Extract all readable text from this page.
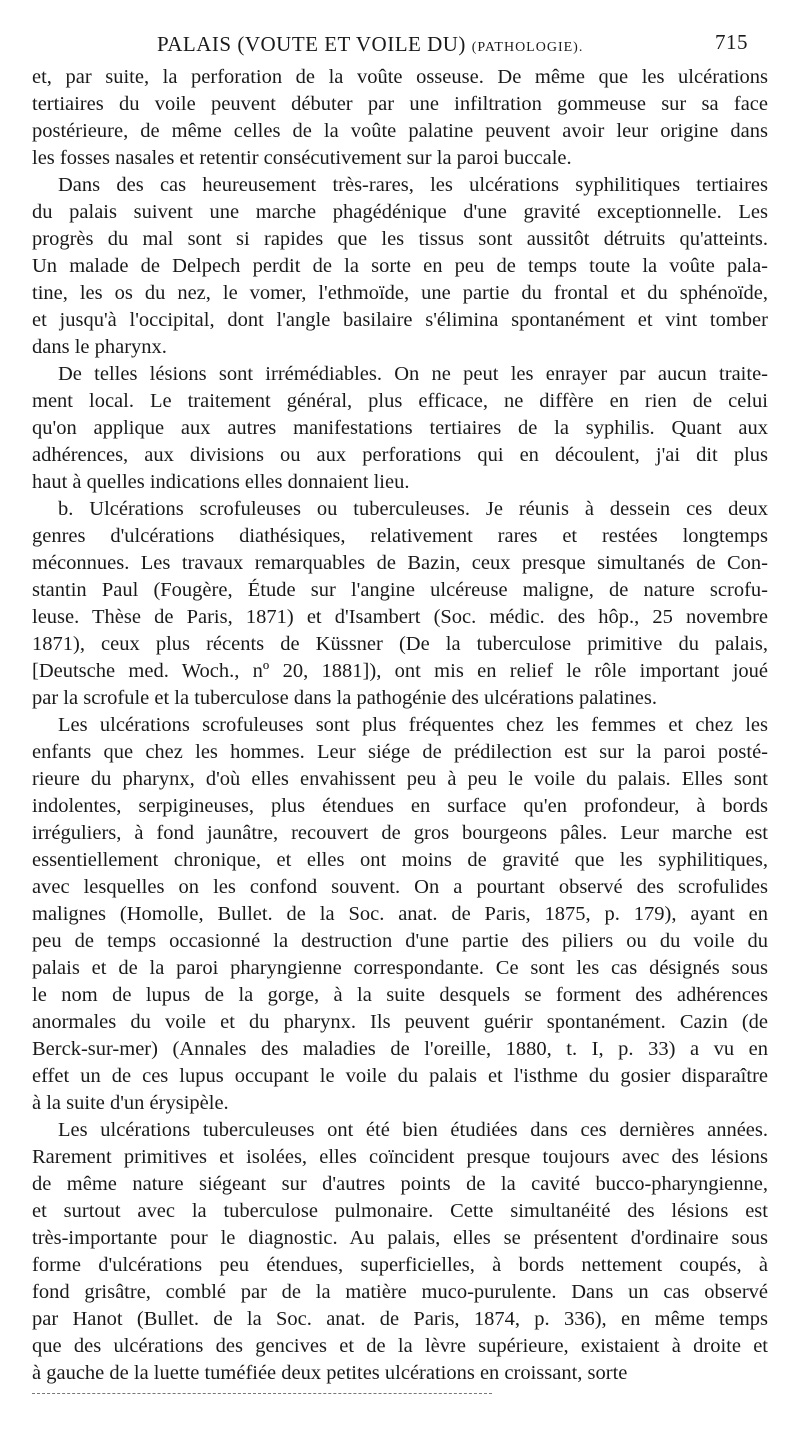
PALAIS (VOUTE ET VOILE DU) (PATHOLOGIE).	715
et, par suite, la perforation de la voûte osseuse. De même que les ulcérations
tertiaires du voile peuvent débuter par une infiltration gommeuse sur sa face
postérieure, de même celles de la voûte palatine peuvent avoir leur origine dans
les fosses nasales et retentir consécutivement sur la paroi buccale.
Dans des cas heureusement très-rares, les ulcérations syphilitiques tertiaires
du palais suivent une marche phagédénique d'une gravité exceptionnelle. Les
progrès du mal sont si rapides que les tissus sont aussitôt détruits qu'atteints.
Un malade de Delpech perdit de la sorte en peu de temps toute la voûte pala-
tine, les os du nez, le vomer, l'ethmoïde, une partie du frontal et du sphénoïde,
et jusqu'à l'occipital, dont l'angle basilaire s'élimina spontanément et vint tomber
dans le pharynx.
De telles lésions sont irrémédiables. On ne peut les enrayer par aucun traite-
ment local. Le traitement général, plus efficace, ne diffère en rien de celui
qu'on applique aux autres manifestations tertiaires de la syphilis. Quant aux
adhérences, aux divisions ou aux perforations qui en découlent, j'ai dit plus
haut à quelles indications elles donnaient lieu.
b. Ulcérations scrofuleuses ou tuberculeuses. Je réunis à dessein ces deux
genres d'ulcérations diathésiques, relativement rares et restées longtemps
méconnues. Les travaux remarquables de Bazin, ceux presque simultanés de Con-
stantin Paul (Fougère, Étude sur l'angine ulcéreuse maligne, de nature scrofu-
leuse. Thèse de Paris, 1871) et d'Isambert (Soc. médic. des hôp., 25 novembre
1871), ceux plus récents de Küssner (De la tuberculose primitive du palais,
[Deutsche med. Woch., nº 20, 1881]), ont mis en relief le rôle important joué
par la scrofule et la tuberculose dans la pathogénie des ulcérations palatines.
Les ulcérations scrofuleuses sont plus fréquentes chez les femmes et chez les
enfants que chez les hommes. Leur siége de prédilection est sur la paroi posté-
rieure du pharynx, d'où elles envahissent peu à peu le voile du palais. Elles sont
indolentes, serpigineuses, plus étendues en surface qu'en profondeur, à bords
irréguliers, à fond jaunâtre, recouvert de gros bourgeons pâles. Leur marche est
essentiellement chronique, et elles ont moins de gravité que les syphilitiques,
avec lesquelles on les confond souvent. On a pourtant observé des scrofulides
malignes (Homolle, Bullet. de la Soc. anat. de Paris, 1875, p. 179), ayant en
peu de temps occasionné la destruction d'une partie des piliers ou du voile du
palais et de la paroi pharyngienne correspondante. Ce sont les cas désignés sous
le nom de lupus de la gorge, à la suite desquels se forment des adhérences
anormales du voile et du pharynx. Ils peuvent guérir spontanément. Cazin (de
Berck-sur-mer) (Annales des maladies de l'oreille, 1880, t. I, p. 33) a vu en
effet un de ces lupus occupant le voile du palais et l'isthme du gosier disparaître
à la suite d'un érysipèle.
Les ulcérations tuberculeuses ont été bien étudiées dans ces dernières années.
Rarement primitives et isolées, elles coïncident presque toujours avec des lésions
de même nature siégeant sur d'autres points de la cavité bucco-pharyngienne,
et surtout avec la tuberculose pulmonaire. Cette simultanéité des lésions est
très-importante pour le diagnostic. Au palais, elles se présentent d'ordinaire sous
forme d'ulcérations peu étendues, superficielles, à bords nettement coupés, à
fond grisâtre, comblé par de la matière muco-purulente. Dans un cas observé
par Hanot (Bullet. de la Soc. anat. de Paris, 1874, p. 336), en même temps
que des ulcérations des gencives et de la lèvre supérieure, existaient à droite et
à gauche de la luette tuméfiée deux petites ulcérations en croissant, sorte
